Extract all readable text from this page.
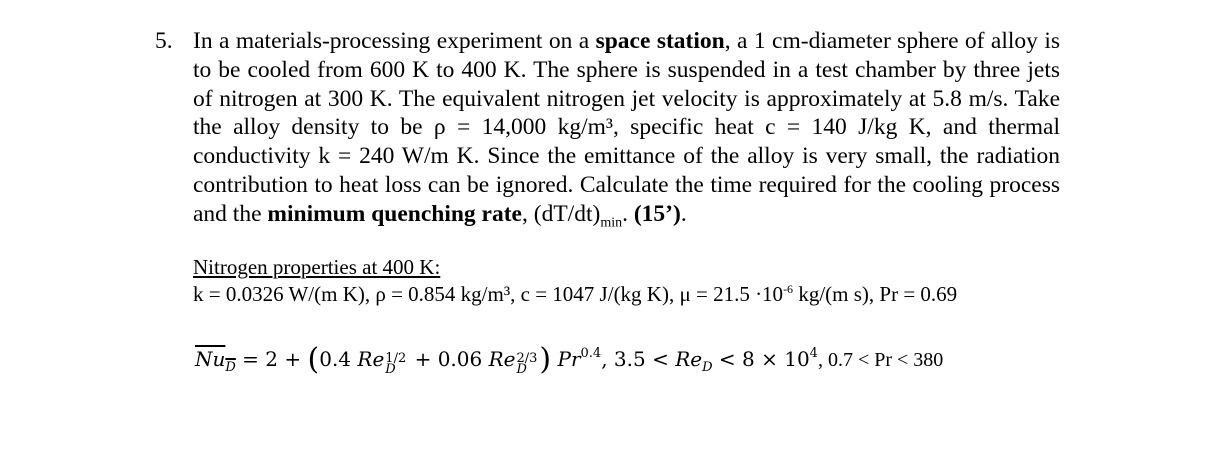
5. In a materials-processing experiment on a space station, a 1 cm-diameter sphere of alloy is to be cooled from 600 K to 400 K. The sphere is suspended in a test chamber by three jets of nitrogen at 300 K. The equivalent nitrogen jet velocity is approximately at 5.8 m/s. Take the alloy density to be ρ = 14,000 kg/m³, specific heat c = 140 J/kg K, and thermal conductivity k = 240 W/m K. Since the emittance of the alloy is very small, the radiation contribution to heat loss can be ignored. Calculate the time required for the cooling process and the minimum quenching rate, $(dT/dt)_{min}$. (15’).
Nitrogen properties at 400 K:
k = 0.0326 W/(m K), ρ = 0.854 kg/m³, c = 1047 J/(kg K), $\mu = 21.5 \cdot 10^{-6}$ kg/(m s), Pr = 0.69
$Nu_D = 2 + (0.4$ Re 1/2
D + 0.06 Re 2/3
D ) $Pr^{0.4}$, $3.5 < Re_D < 8 \times 10^4$, 0.7 < Pr < 380
